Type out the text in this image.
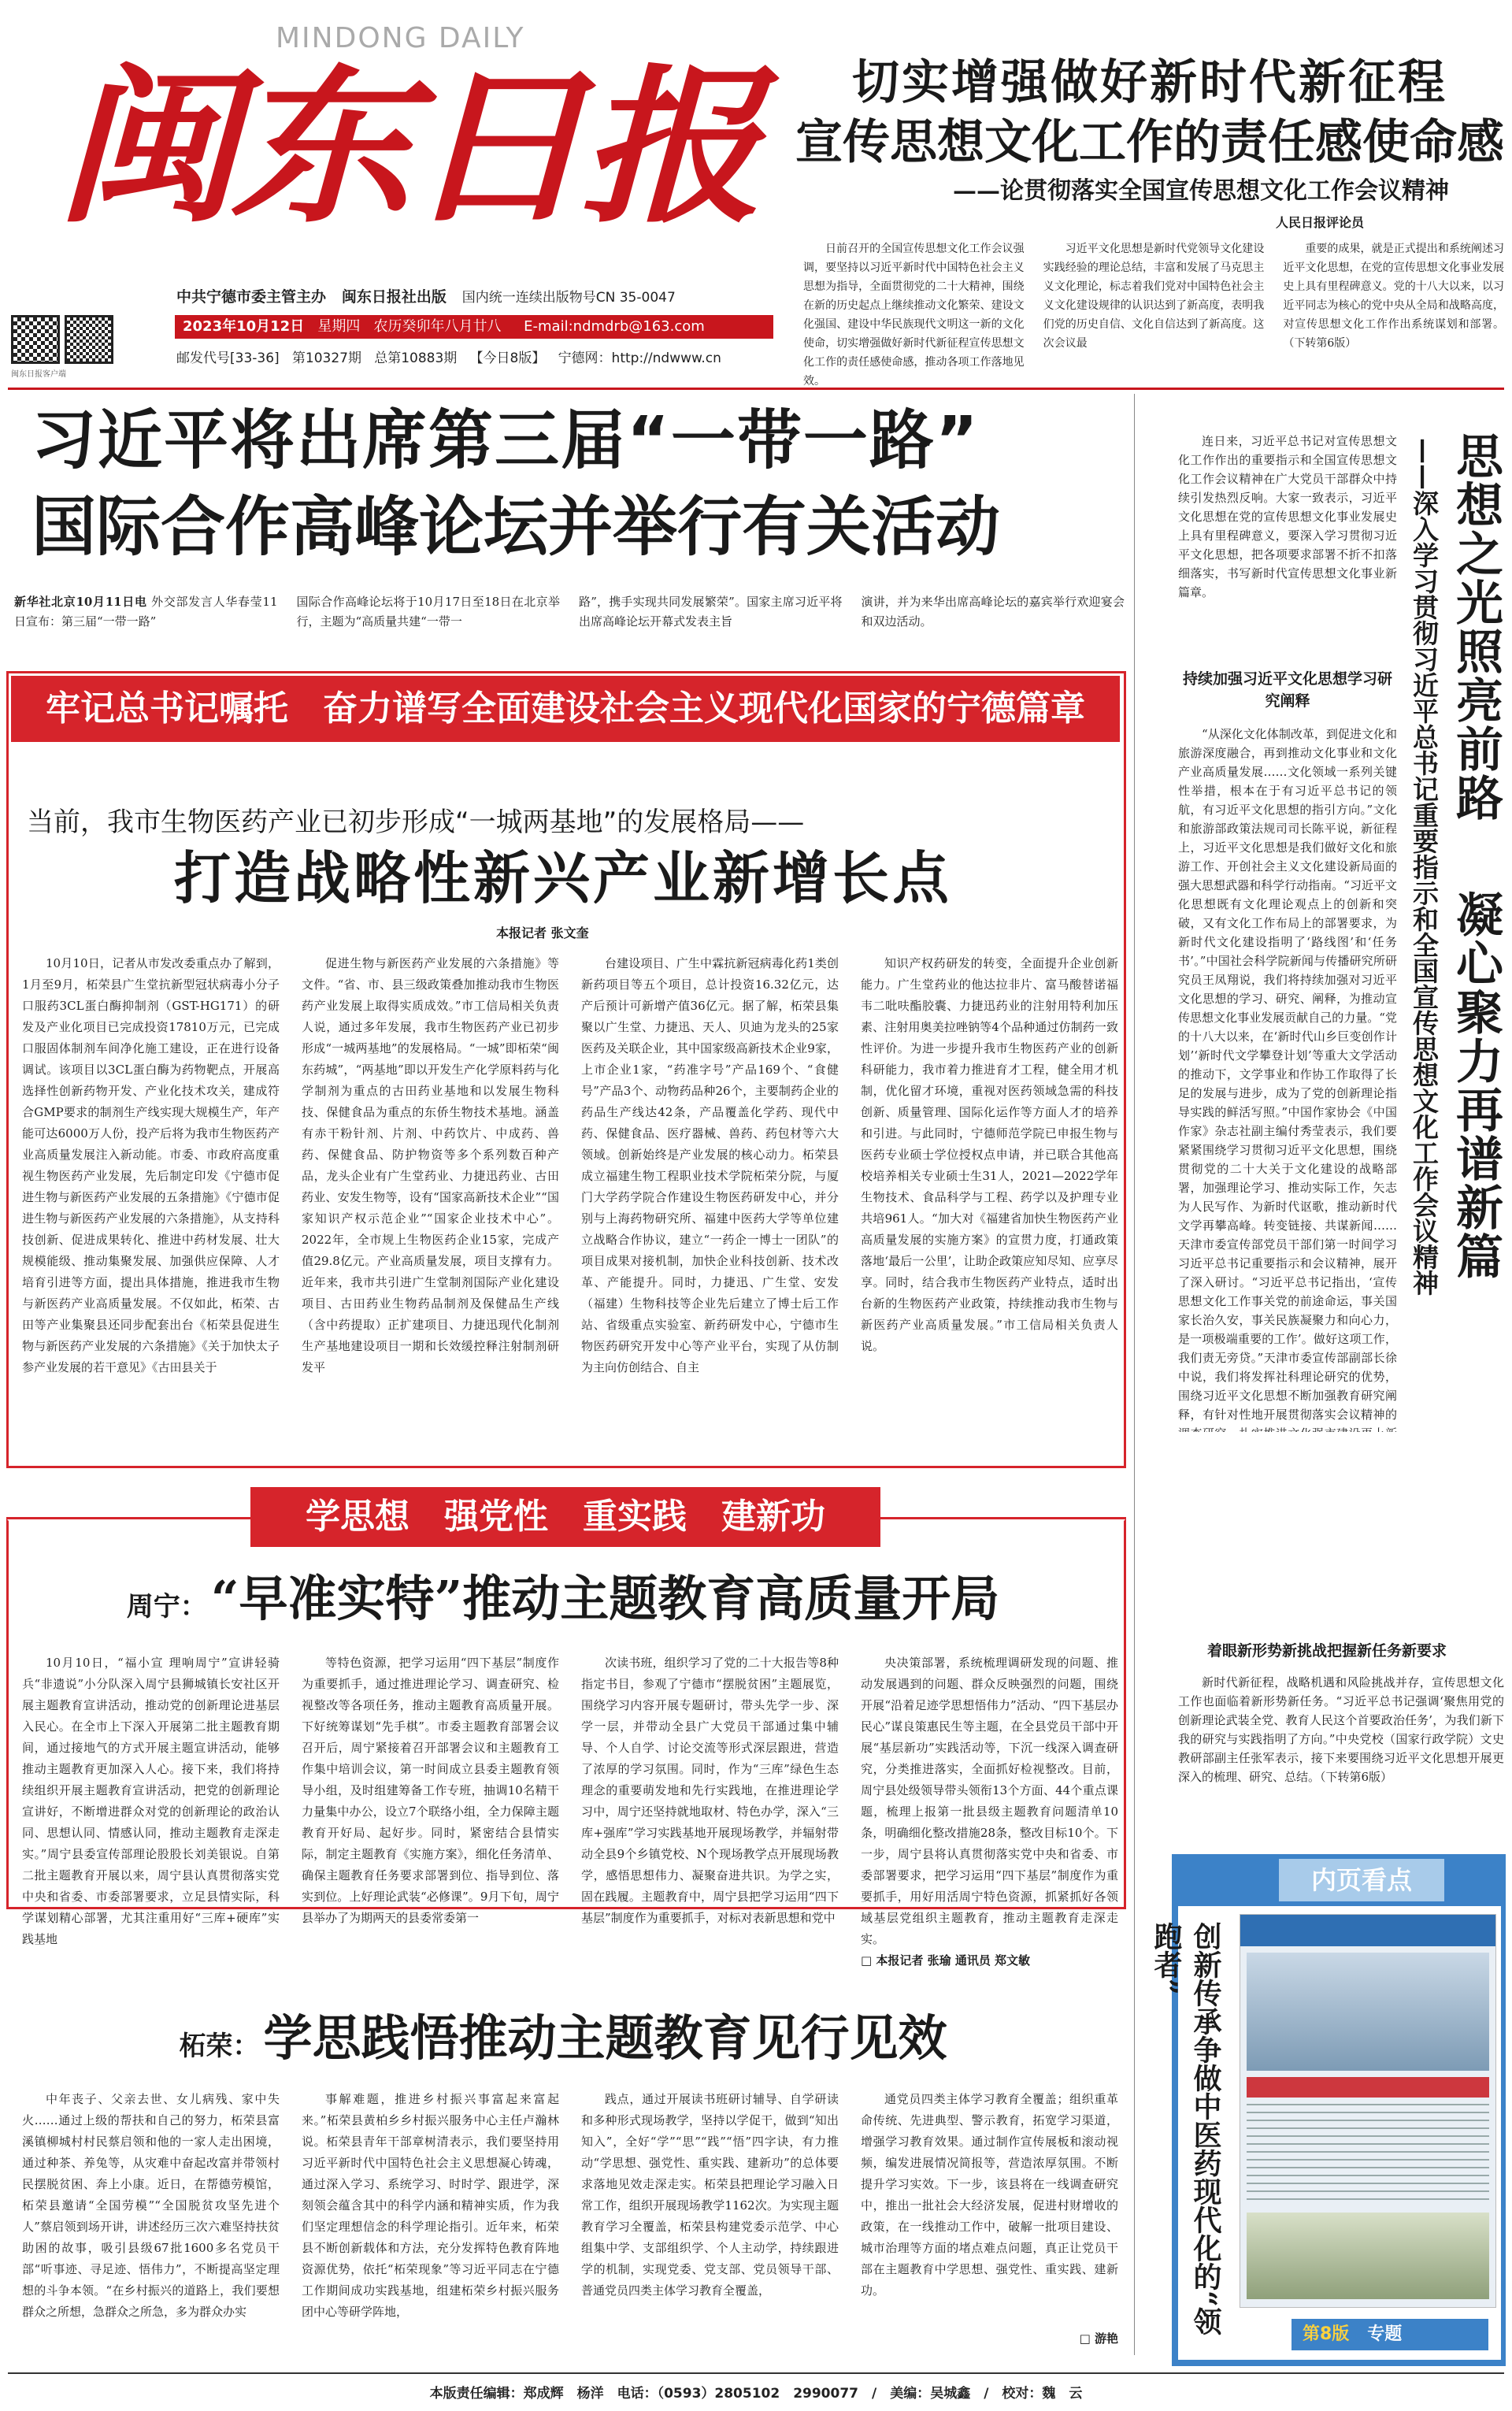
MINDONG DAILY
闽东日报
闽东日报客户端
中共宁德市委主管主办 闽东日报社出版 国内统一连续出版物号CN 35-0047
2023年10月12日 星期四 农历癸卯年八月廿八 E-mail:ndmdrb@163.com
邮发代号[33-36] 第10327期 总第10883期 【今日8版】 宁德网：http://ndwww.cn
切实增强做好新时代新征程
宣传思想文化工作的责任感使命感
——论贯彻落实全国宣传思想文化工作会议精神
人民日报评论员
日前召开的全国宣传思想文化工作会议强调，要坚持以习近平新时代中国特色社会主义思想为指导，全面贯彻党的二十大精神，围绕在新的历史起点上继续推动文化繁荣、建设文化强国、建设中华民族现代文明这一新的文化使命，切实增强做好新时代新征程宣传思想文化工作的责任感使命感，推动各项工作落地见效。
习近平文化思想是新时代党领导文化建设实践经验的理论总结，丰富和发展了马克思主义文化理论，标志着我们党对中国特色社会主义文化建设规律的认识达到了新高度，表明我们党的历史自信、文化自信达到了新高度。这次会议最
重要的成果，就是正式提出和系统阐述习近平文化思想，在党的宣传思想文化事业发展史上具有里程碑意义。党的十八大以来，以习近平同志为核心的党中央从全局和战略高度，对宣传思想文化工作作出系统谋划和部署。（下转第6版）
习近平将出席第三届“一带一路”
国际合作高峰论坛并举行有关活动
新华社北京10月11日电 外交部发言人华春莹11日宣布：第三届“一带一路”
国际合作高峰论坛将于10月17日至18日在北京举行，主题为“高质量共建“一带一
路”，携手实现共同发展繁荣”。国家主席习近平将出席高峰论坛开幕式发表主旨
演讲，并为来华出席高峰论坛的嘉宾举行欢迎宴会和双边活动。
牢记总书记嘱托　奋力谱写全面建设社会主义现代化国家的宁德篇章
当前，我市生物医药产业已初步形成“一城两基地”的发展格局——
打造战略性新兴产业新增长点
本报记者 张文奎
10月10日，记者从市发改委重点办了解到，1月至9月，柘荣县广生堂抗新型冠状病毒小分子口服药3CL蛋白酶抑制剂（GST-HG171）的研发及产业化项目已完成投资17810万元，已完成口服固体制剂车间净化施工建设，正在进行设备调试。该项目以3CL蛋白酶为药物靶点，开展高选择性创新药物开发、产业化技术攻关，建成符合GMP要求的制剂生产线实现大规模生产，年产能可达6000万人份，投产后将为我市生物医药产业高质量发展注入新动能。市委、市政府高度重视生物医药产业发展，先后制定印发《宁德市促进生物与新医药产业发展的五条措施》《宁德市促进生物与新医药产业发展的六条措施》，从支持科技创新、促进成果转化、推进中药材发展、壮大规模能级、推动集聚发展、加强供应保障、人才培育引进等方面，提出具体措施，推进我市生物与新医药产业高质量发展。不仅如此，柘荣、古田等产业集聚县还同步配套出台《柘荣县促进生物与新医药产业发展的六条措施》《关于加快太子参产业发展的若干意见》《古田县关于
促进生物与新医药产业发展的六条措施》等文件。“省、市、县三级政策叠加推动我市生物医药产业发展上取得实质成效。”市工信局相关负责人说，通过多年发展，我市生物医药产业已初步形成“一城两基地”的发展格局。“一城”即柘荣“闽东药城”，“两基地”即以开发生产化学原料药与化学制剂为重点的古田药业基地和以发展生物科技、保健食品为重点的东侨生物技术基地。涵盖有赤干粉针剂、片剂、中药饮片、中成药、兽药、保健食品、防护物资等多个系列数百种产品，龙头企业有广生堂药业、力捷迅药业、古田药业、安发生物等，设有“国家高新技术企业”“国家知识产权示范企业”“国家企业技术中心”。2022年，全市规上生物医药企业15家，完成产值29.8亿元。产业高质量发展，项目支撑有力。近年来，我市共引进广生堂制剂国际产业化建设项目、古田药业生物药品制剂及保健品生产线（含中药提取）正扩建项目、力捷迅现代化制剂生产基地建设项目一期和长效缓控释注射制剂研发平
台建设项目、广生中霖抗新冠病毒化药1类创新药项目等五个项目，总计投资16.32亿元，达产后预计可新增产值36亿元。据了解，柘荣县集聚以广生堂、力捷迅、天人、贝迪为龙头的25家医药及关联企业，其中国家级高新技术企业9家，上市企业1家，“药准字号”产品169个、“食健号”产品3个、动物药品种26个，主要制药企业的药品生产线达42条，产品覆盖化学药、现代中药、保健食品、医疗器械、兽药、药包材等六大领域。创新始终是产业发展的核心动力。柘荣县成立福建生物工程职业技术学院柘荣分院，与厦门大学药学院合作建设生物医药研发中心，并分别与上海药物研究所、福建中医药大学等单位建立战略合作协议，建立“一药企一博士一团队”的项目成果对接机制，加快企业科技创新、技术改革、产能提升。同时，力捷迅、广生堂、安发（福建）生物科技等企业先后建立了博士后工作站、省级重点实验室、新药研发中心，宁德市生物医药研究开发中心等产业平台，实现了从仿制为主向仿创结合、自主
知识产权药研发的转变，全面提升企业创新能力。广生堂药业的他达拉非片、富马酸替诺福韦二吡呋酯胶囊、力捷迅药业的注射用特利加压素、注射用奥美拉唑钠等4个品种通过仿制药一致性评价。为进一步提升我市生物医药产业的创新科研能力，我市着力推进育才工程，健全用才机制，优化留才环境，重视对医药领域急需的科技创新、质量管理、国际化运作等方面人才的培养和引进。与此同时，宁德师范学院已申报生物与医药专业硕士学位授权点申请，并已联合其他高校培养相关专业硕士生31人，2021—2022学年生物技术、食品科学与工程、药学以及护理专业共培961人。“加大对《福建省加快生物医药产业高质量发展的实施方案》的宣贯力度，打通政策落地‘最后一公里’，让助企政策应知尽知、应享尽享。同时，结合我市生物医药产业特点，适时出台新的生物医药产业政策，持续推动我市生物与新医药产业高质量发展。”市工信局相关负责人说。
学思想　强党性　重实践　建新功
周宁： “早准实特”推动主题教育高质量开局
10月10日，“福小宣 理响周宁”宣讲轻骑兵“非遗说”小分队深入周宁县狮城镇长安社区开展主题教育宣讲活动，推动党的创新理论进基层入民心。在全市上下深入开展第二批主题教育期间，通过接地气的方式开展主题宣讲活动，能够推动主题教育更加深入人心。接下来，我们将持续组织开展主题教育宣讲活动，把党的创新理论宣讲好，不断增进群众对党的创新理论的政治认同、思想认同、情感认同，推动主题教育走深走实。”周宁县委宣传部理论股股长刘美银说。自第二批主题教育开展以来，周宁县认真贯彻落实党中央和省委、市委部署要求，立足县情实际，科学谋划精心部署，尤其注重用好“三库+硬库”实践基地
等特色资源，把学习运用“四下基层”制度作为重要抓手，通过推进理论学习、调查研究、检视整改等各项任务，推动主题教育高质量开展。下好统筹谋划“先手棋”。市委主题教育部署会议召开后，周宁紧接着召开部署会议和主题教育工作集中培训会议，第一时间成立县委主题教育领导小组，及时组建筹备工作专班，抽调10名精干力量集中办公，设立7个联络小组，全力保障主题教育开好局、起好步。同时，紧密结合县情实际，制定主题教育《实施方案》，细化任务清单、确保主题教育任务要求部署到位、指导到位、落实到位。上好理论武装“必修课”。9月下旬，周宁县举办了为期两天的县委常委第一
次读书班，组织学习了党的二十大报告等8种指定书目，参观了宁德市“摆脱贫困”主题展览，围绕学习内容开展专题研讨，带头先学一步、深学一层，并带动全县广大党员干部通过集中辅导、个人自学、讨论交流等形式深层跟进，营造了浓厚的学习氛围。同时，作为“三库”绿色生态理念的重要萌发地和先行实践地，在推进理论学习中，周宁还坚持就地取材、特色办学，深入“三库+强库”学习实践基地开展现场教学，并辐射带动全县9个乡镇党校、N个现场教学点开展现场教学，感悟思想伟力、凝聚奋进共识。为学之实，固在践履。主题教育中，周宁县把学习运用“四下基层”制度作为重要抓手，对标对表新思想和党中
央决策部署，系统梳理调研发现的问题、推动发展遇到的问题、群众反映强烈的问题，围绕开展“沿着足迹学思想悟伟力”活动、“四下基层办民心”谋良策惠民生等主题，在全县党员干部中开展“基层新功”实践活动等，下沉一线深入调查研究，分类推进落实，全面抓好检视整改。目前，周宁县处级领导带头领衔13个方面、44个重点课题，梳理上报第一批县级主题教育问题清单10条，明确细化整改措施28条，整改目标10个。下一步，周宁县将认真贯彻落实党中央和省委、市委部署要求，把学习运用“四下基层”制度作为重要抓手，用好用活周宁特色资源，抓紧抓好各领域基层党组织主题教育，推动主题教育走深走实。
□ 本报记者 张瑜 通讯员 郑文敏
柘荣： 学思践悟推动主题教育见行见效
中年丧子、父亲去世、女儿病残、家中失火……通过上级的帮扶和自己的努力，柘荣县富溪镇柳城村村民蔡启领和他的一家人走出困境，通过种茶、养兔等，从灾难中奋起改富并带领村民摆脱贫困、奔上小康。近日，在帮德劳模馆，柘荣县邀请“全国劳模”“全国脱贫攻坚先进个人”蔡启领到场开讲，讲述经历三次六难坚持扶贫助困的故事，吸引县级67批1600多名党员干部“听事迹、寻足迹、悟伟力”，不断提高坚定理想的斗争本领。“在乡村振兴的道路上，我们要想群众之所想，急群众之所急，多为群众办实
事解难题，推进乡村振兴事富起来富起来。”柘荣县黄柏乡乡村振兴服务中心主任卢瀚林说。柘荣县青年干部章树清表示，我们要坚持用习近平新时代中国特色社会主义思想凝心铸魂，通过深入学习、系统学习、时时学、跟进学，深刻领会蕴含其中的科学内涵和精神实质，作为我们坚定理想信念的科学理论指引。近年来，柘荣县不断创新载体和方法，充分发挥特色教育阵地资源优势，依托“柘荣现象”等习近平同志在宁德工作期间成功实践基地，组建柘荣乡村振兴服务团中心等研学阵地，
践点，通过开展读书班研讨辅导、自学研读和多种形式现场教学，坚持以学促干，做到“知出知入”，全好“学”“思”“践”“悟”四字诀，有力推动“学思想、强党性、重实践、建新功”的总体要求落地见效走深走实。柘荣县把理论学习融入日常工作，组织开展现场教学1162次。为实现主题教育学习全覆盖，柘荣县构建党委示范学、中心组集中学、支部组织学、个人主动学，持续跟进学的机制，实现党委、党支部、党员领导干部、普通党员四类主体学习教育全覆盖，
通党员四类主体学习教育全覆盖；组织重革命传统、先进典型、警示教育，拓宽学习渠道，增强学习教育效果。通过制作宣传展板和滚动视频，编发进展情况简报等，营造浓厚氛围。不断提升学习实效。下一步，该县将在一线调查研究中，推出一批社会大经济发展，促进村财增收的政策，在一线推动工作中，破解一批项目建设、城市治理等方面的堵点难点问题，真正让党员干部在主题教育中学思想、强党性、重实践、建新功。
□ 游艳
连日来，习近平总书记对宣传思想文化工作作出的重要指示和全国宣传思想文化工作会议精神在广大党员干部群众中持续引发热烈反响。大家一致表示，习近平文化思想在党的宣传思想文化事业发展史上具有里程碑意义，要深入学习贯彻习近平文化思想，把各项要求部署不折不扣落细落实，书写新时代宣传思想文化事业新篇章。	思想之光照亮前路
凝心聚力再谱新篇
——深入学习贯彻习近平总书记重要指示和全国宣传思想文化工作会议精神
持续加强习近平文化思想学习研究阐释
“从深化文化体制改革，到促进文化和旅游深度融合，再到推动文化事业和文化产业高质量发展……文化领域一系列关键性举措，根本在于有习近平总书记的领航，有习近平文化思想的指引方向。”文化和旅游部政策法规司司长陈平说，新征程上，习近平文化思想是我们做好文化和旅游工作、开创社会主义文化建设新局面的强大思想武器和科学行动指南。“习近平文化思想既有文化理论观点上的创新和突破，又有文化工作布局上的部署要求，为新时代文化建设指明了‘路线图’和‘任务书’。”中国社会科学院新闻与传播研究所研究员王凤翔说，我们将持续加强对习近平文化思想的学习、研究、阐释，为推动宣传思想文化事业发展贡献自己的力量。“党的十八大以来，在‘新时代山乡巨变创作计划’‘新时代文学攀登计划’等重大文学活动的推动下，文学事业和作协工作取得了长足的发展与进步，成为了党的创新理论指导实践的鲜活写照。”中国作家协会《中国作家》杂志社副主编付秀莹表示，我们要紧紧围绕学习贯彻习近平文化思想，围绕贯彻党的二十大关于文化建设的战略部署，加强理论学习、推动实际工作，矢志为人民写作、为新时代讴歌，推动新时代文学再攀高峰。转变链接、共谋新闻……天津市委宣传部党员干部们第一时间学习习近平总书记重要指示和会议精神，展开了深入研讨。“习近平总书记指出，‘宣传思想文化工作事关党的前途命运，事关国家长治久安，事关民族凝聚力和向心力，是一项极端重要的工作’。做好这项工作，我们责无旁贷。”天津市委宣传部副部长徐中说，我们将发挥社科理论研究的优势，围绕习近平文化思想不断加强教育研究阐释，有针对性地开展贯彻落实会议精神的
着眼新形势新挑战把握新任务新要求
新时代新征程，战略机遇和风险挑战并存，宣传思想文化工作也面临着新形势新任务。“习近平总书记强调‘聚焦用党的创新理论武装全党、教育人民这个首要政治任务’，为我们新下我的研究与实践指明了方向。”中央党校（国家行政学院）文史教研部副主任张军表示，接下来要围绕习近平文化思想开展更深入的梳理、研究、总结。（下转第6版）
内页看点
创新传承争做中医药现代化的“领跑者”
第8版 专题
本版责任编辑：郑成辉　杨洋　电话：（0593）2805102　2990077　/　美编：吴城鑫　/　校对：魏　云
